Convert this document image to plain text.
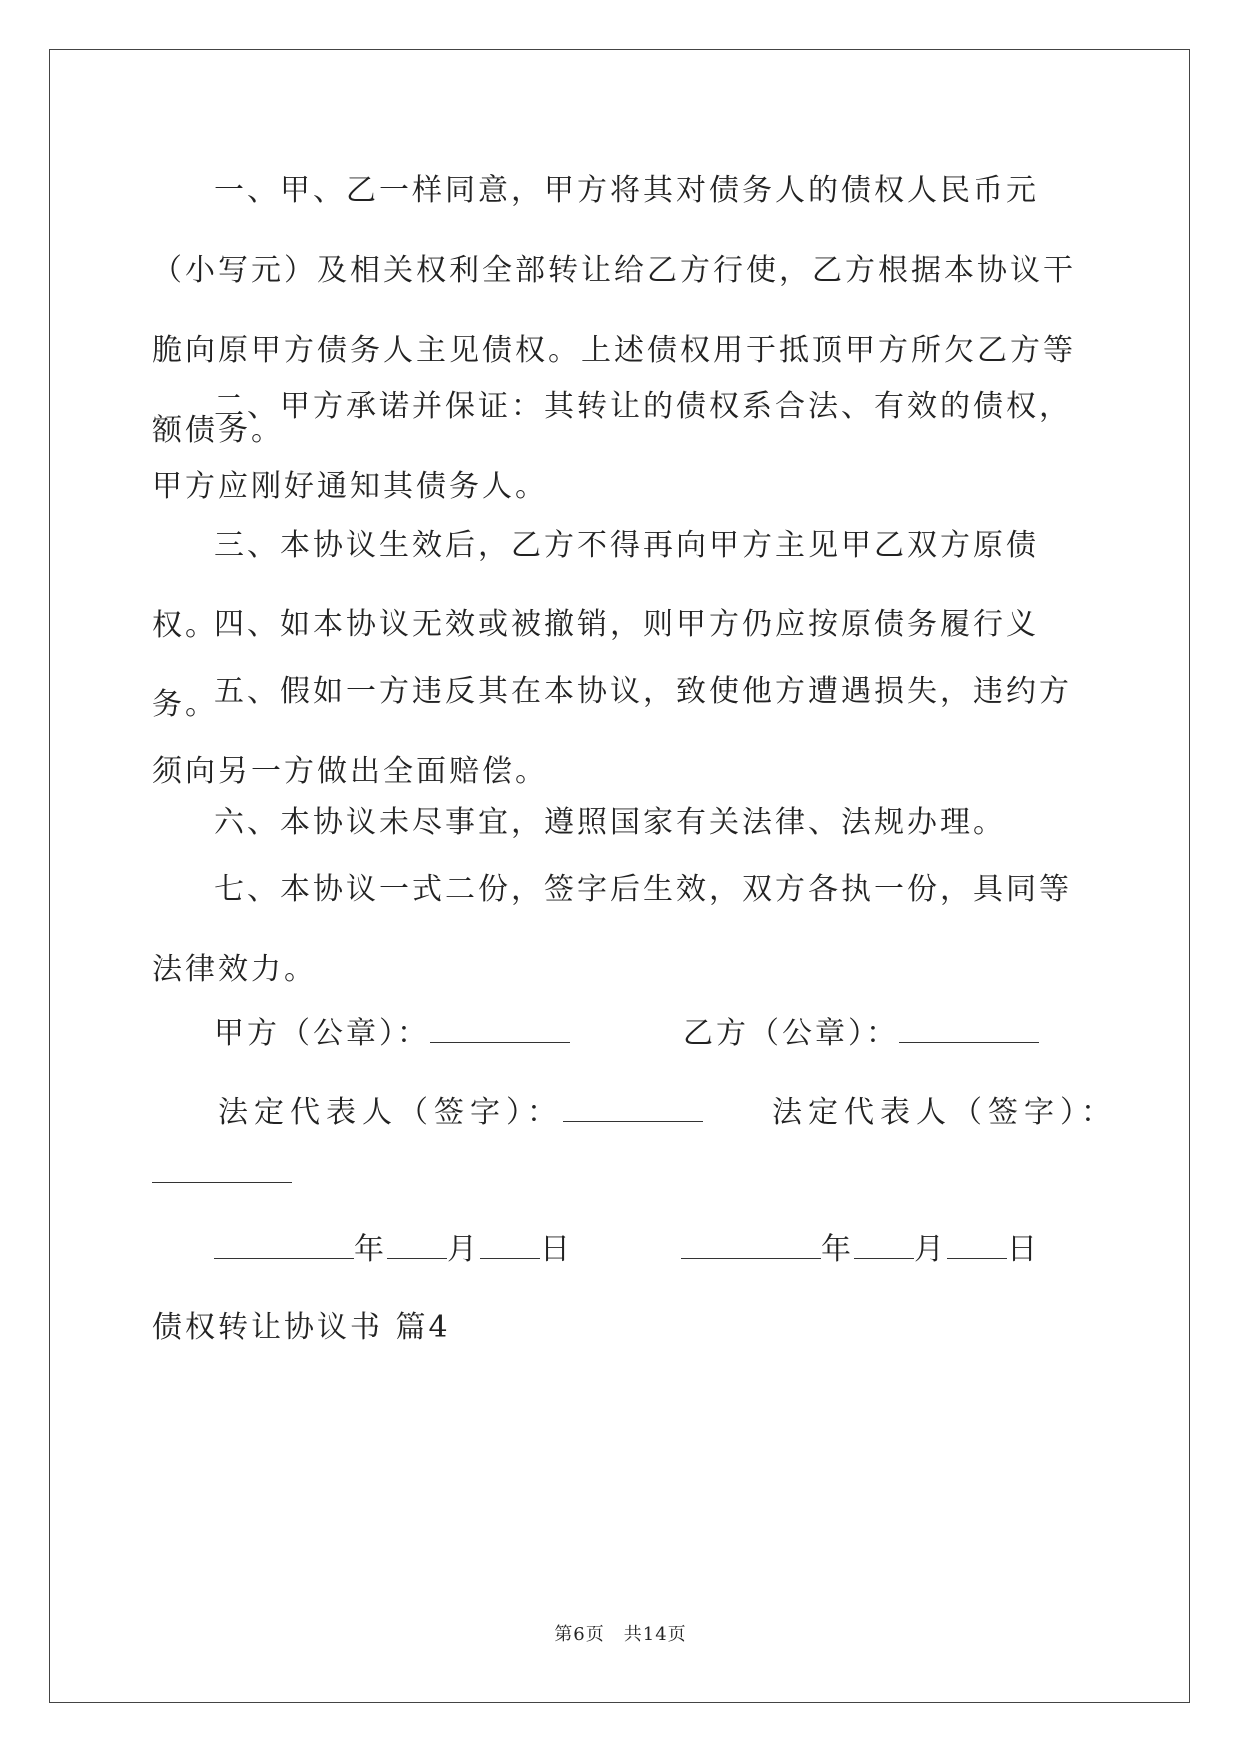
一、甲、乙一样同意，甲方将其对债务人的债权人民币元（小写元）及相关权利全部转让给乙方行使，乙方根据本协议干脆向原甲方债务人主见债权。上述债权用于抵顶甲方所欠乙方等额债务。

二、甲方承诺并保证：其转让的债权系合法、有效的债权，甲方应刚好通知其债务人。

三、本协议生效后，乙方不得再向甲方主见甲乙双方原债权。

四、如本协议无效或被撤销，则甲方仍应按原债务履行义务。

五、假如一方违反其在本协议，致使他方遭遇损失，违约方须向另一方做出全面赔偿。

六、本协议未尽事宜，遵照国家有关法律、法规办理。

七、本协议一式二份，签字后生效，双方各执一份，具同等法律效力。

甲方（公章）：	乙方（公章）：
法定代表人（签字）：	法定代表人（签字）：
年 月 日	年 月 日
债权转让协议书 篇4
第6页　共14页
